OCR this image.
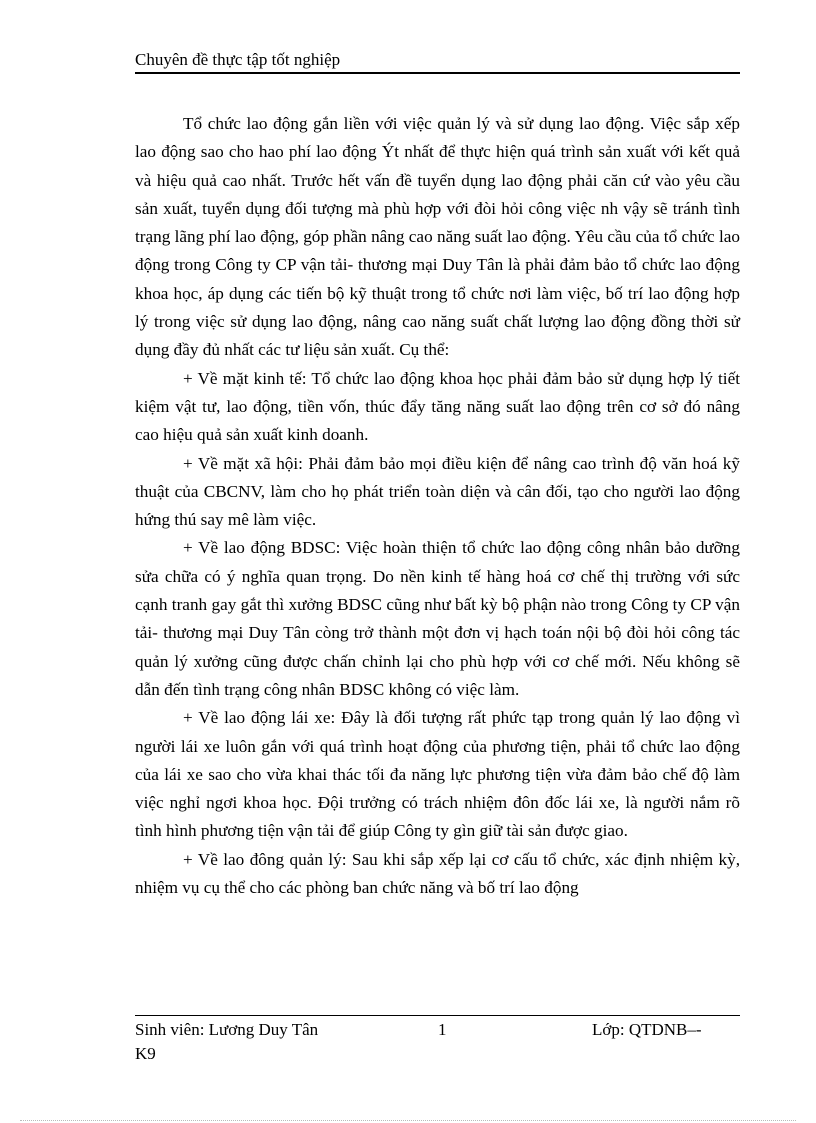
Chuyên đề thực tập tốt nghiệp

Tổ chức lao động gắn liền với việc quản lý và sử dụng lao động. Việc sắp xếp lao động sao cho hao phí lao động Ýt nhất để thực hiện quá trình sản xuất với kết quả và hiệu quả cao nhất. Trước hết vấn đề tuyển dụng lao động phải căn cứ vào yêu cầu sản xuất, tuyển dụng đối tượng mà phù hợp với đòi hỏi công việc nh vậy sẽ tránh tình trạng lãng phí lao động, góp phần nâng cao năng suất lao động. Yêu cầu của tổ chức lao động trong Công ty CP vận tải- thương mại Duy Tân là phải đảm bảo tổ chức lao động khoa học, áp dụng các tiến bộ kỹ thuật trong tổ chức nơi làm việc, bố trí lao động hợp lý trong việc sử dụng lao động, nâng cao năng suất chất lượng lao động đồng thời sử dụng đầy đủ nhất các tư liệu sản xuất. Cụ thể:

+ Về mặt kinh tế: Tổ chức lao động khoa học phải đảm bảo sử dụng hợp lý tiết kiệm vật tư, lao động, tiền vốn, thúc đẩy tăng năng suất lao động trên cơ sở đó nâng cao hiệu quả sản xuất kinh doanh.

+ Về mặt xã hội: Phải đảm bảo mọi điều kiện để nâng cao trình độ văn hoá kỹ thuật của CBCNV, làm cho họ phát triển toàn diện và cân đối, tạo cho người lao động hứng thú say mê làm việc.

+ Về lao động BDSC: Việc hoàn thiện tổ chức lao động công nhân bảo dưỡng sửa chữa có ý nghĩa quan trọng. Do nền kinh tế hàng hoá cơ chế thị trường với sức cạnh tranh gay gắt thì xưởng BDSC cũng như bất kỳ bộ phận nào trong Công ty CP vận tải- thương mại Duy Tân còng trở thành một đơn vị hạch toán nội bộ đòi hỏi công tác quản lý xưởng cũng được chấn chỉnh lại cho phù hợp với cơ chế mới. Nếu không sẽ dẫn đến tình trạng công nhân BDSC không có việc làm.

+ Về lao động lái xe: Đây là đối tượng rất phức tạp trong quản lý lao động vì người lái xe luôn gắn với quá trình hoạt động của phương tiện, phải tổ chức lao động của lái xe sao cho vừa khai thác tối đa năng lực phương tiện vừa đảm bảo chế độ làm việc nghỉ ngơi khoa học. Đội trưởng có trách nhiệm đôn đốc lái xe, là người nắm rõ tình hình phương tiện vận tải để giúp Công ty gìn giữ tài sản được giao.

+ Về lao đông quản lý: Sau khi sắp xếp lại cơ cấu tổ chức, xác định nhiệm kỳ, nhiệm vụ cụ thể cho các phòng ban chức năng và bố trí lao động

Sinh viên: Lương Duy Tân	1	Lớp: QTDNB–-
K9
